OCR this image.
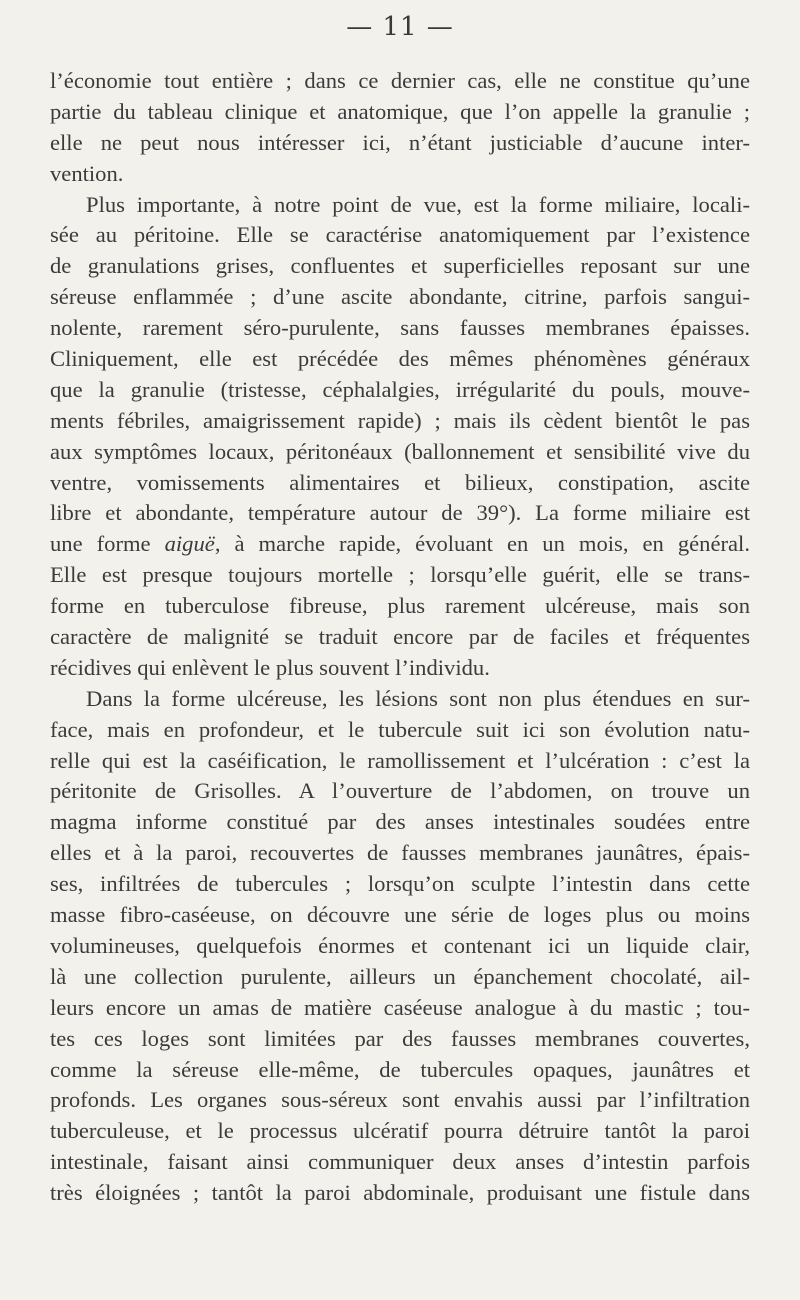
— 11 —
l’économie tout entière ; dans ce dernier cas, elle ne constitue qu’une
partie du tableau clinique et anatomique, que l’on appelle la granulie ;
elle ne peut nous intéresser ici, n’étant justiciable d’aucune inter-
vention.
Plus importante, à notre point de vue, est la forme miliaire, locali-
sée au péritoine. Elle se caractérise anatomiquement par l’existence
de granulations grises, confluentes et superficielles reposant sur une
séreuse enflammée ; d’une ascite abondante, citrine, parfois sangui-
nolente, rarement séro-purulente, sans fausses membranes épaisses.
Cliniquement, elle est précédée des mêmes phénomènes généraux
que la granulie (tristesse, céphalalgies, irrégularité du pouls, mouve-
ments fébriles, amaigrissement rapide) ; mais ils cèdent bientôt le pas
aux symptômes locaux, péritonéaux (ballonnement et sensibilité vive du
ventre, vomissements alimentaires et bilieux, constipation, ascite
libre et abondante, température autour de 39°). La forme miliaire est
une forme aiguë, à marche rapide, évoluant en un mois, en général.
Elle est presque toujours mortelle ; lorsqu’elle guérit, elle se trans-
forme en tuberculose fibreuse, plus rarement ulcéreuse, mais son
caractère de malignité se traduit encore par de faciles et fréquentes
récidives qui enlèvent le plus souvent l’individu.
Dans la forme ulcéreuse, les lésions sont non plus étendues en sur-
face, mais en profondeur, et le tubercule suit ici son évolution natu-
relle qui est la caséification, le ramollissement et l’ulcération : c’est la
péritonite de Grisolles. A l’ouverture de l’abdomen, on trouve un
magma informe constitué par des anses intestinales soudées entre
elles et à la paroi, recouvertes de fausses membranes jaunâtres, épais-
ses, infiltrées de tubercules ; lorsqu’on sculpte l’intestin dans cette
masse fibro-caséeuse, on découvre une série de loges plus ou moins
volumineuses, quelquefois énormes et contenant ici un liquide clair,
là une collection purulente, ailleurs un épanchement chocolaté, ail-
leurs encore un amas de matière caséeuse analogue à du mastic ; tou-
tes ces loges sont limitées par des fausses membranes couvertes,
comme la séreuse elle-même, de tubercules opaques, jaunâtres et
profonds. Les organes sous-séreux sont envahis aussi par l’infiltration
tuberculeuse, et le processus ulcératif pourra détruire tantôt la paroi
intestinale, faisant ainsi communiquer deux anses d’intestin parfois
très éloignées ; tantôt la paroi abdominale, produisant une fistule dans
